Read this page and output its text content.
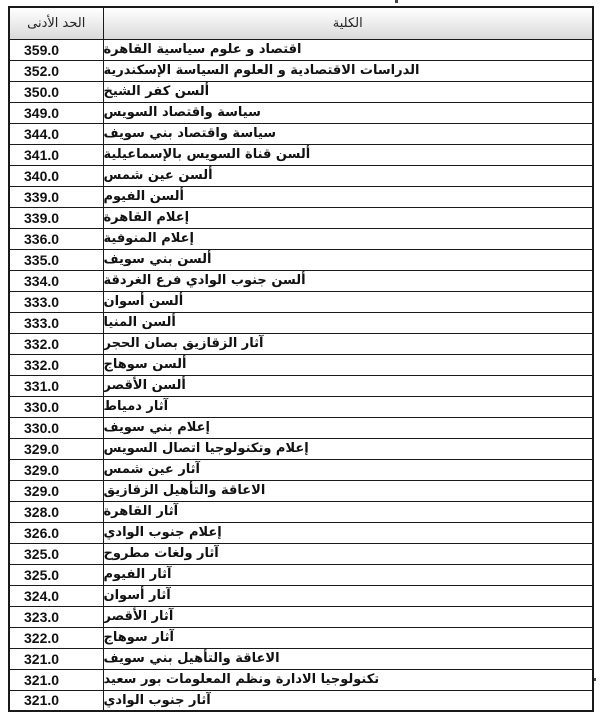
الحد الأدنى	الكلية
359.0	اقتصاد و علوم سياسية القاهرة
352.0	الدراسات الاقتصادية و العلوم السياسة الإسكندرية
350.0	ألسن كفر الشيخ
349.0	سياسة واقتصاد السويس
344.0	سياسة واقتصاد بني سويف
341.0	ألسن قناة السويس بالإسماعيلية
340.0	ألسن عين شمس
339.0	ألسن الفيوم
339.0	إعلام القاهرة
336.0	إعلام المنوفية
335.0	ألسن بني سويف
334.0	ألسن جنوب الوادي فرع الغردقة
333.0	ألسن أسوان
333.0	ألسن المنيا
332.0	آثار الزقازيق بصان الحجر
332.0	ألسن سوهاج
331.0	ألسن الأقصر
330.0	آثار دمياط
330.0	إعلام بني سويف
329.0	إعلام وتكنولوجيا اتصال السويس
329.0	آثار عين شمس
329.0	الاعاقة والتأهيل الزقازيق
328.0	آثار القاهرة
326.0	إعلام جنوب الوادي
325.0	آثار ولغات مطروح
325.0	آثار الفيوم
324.0	آثار أسوان
323.0	آثار الأقصر
322.0	آثار سوهاج
321.0	الاعاقة والتأهيل بني سويف
321.0	تكنولوجيا الادارة ونظم المعلومات بور سعيد
321.0	آثار جنوب الوادي
